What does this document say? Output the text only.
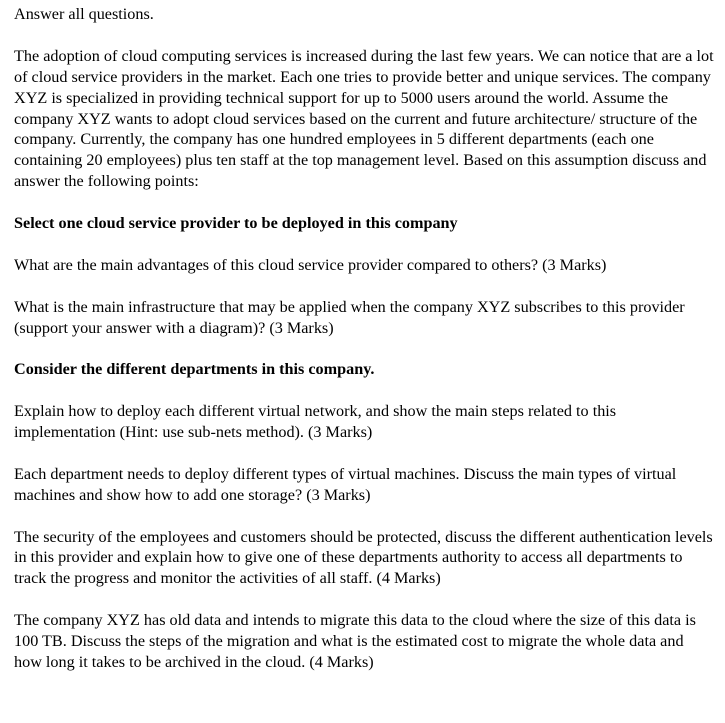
Answer all questions.

The adoption of cloud computing services is increased during the last few years. We can notice that are a lot of cloud service providers in the market. Each one tries to provide better and unique services. The company XYZ is specialized in providing technical support for up to 5000 users around the world. Assume the company XYZ wants to adopt cloud services based on the current and future architecture/ structure of the company. Currently, the company has one hundred employees in 5 different departments (each one containing 20 employees) plus ten staff at the top management level. Based on this assumption discuss and answer the following points:

Select one cloud service provider to be deployed in this company

What are the main advantages of this cloud service provider compared to others? (3 Marks)

What is the main infrastructure that may be applied when the company XYZ subscribes to this provider (support your answer with a diagram)? (3 Marks)

Consider the different departments in this company.

Explain how to deploy each different virtual network, and show the main steps related to this implementation (Hint: use sub-nets method). (3 Marks)

Each department needs to deploy different types of virtual machines. Discuss the main types of virtual machines and show how to add one storage? (3 Marks)

The security of the employees and customers should be protected, discuss the different authentication levels in this provider and explain how to give one of these departments authority to access all departments to track the progress and monitor the activities of all staff. (4 Marks)

The company XYZ has old data and intends to migrate this data to the cloud where the size of this data is 100 TB. Discuss the steps of the migration and what is the estimated cost to migrate the whole data and how long it takes to be archived in the cloud. (4 Marks)
